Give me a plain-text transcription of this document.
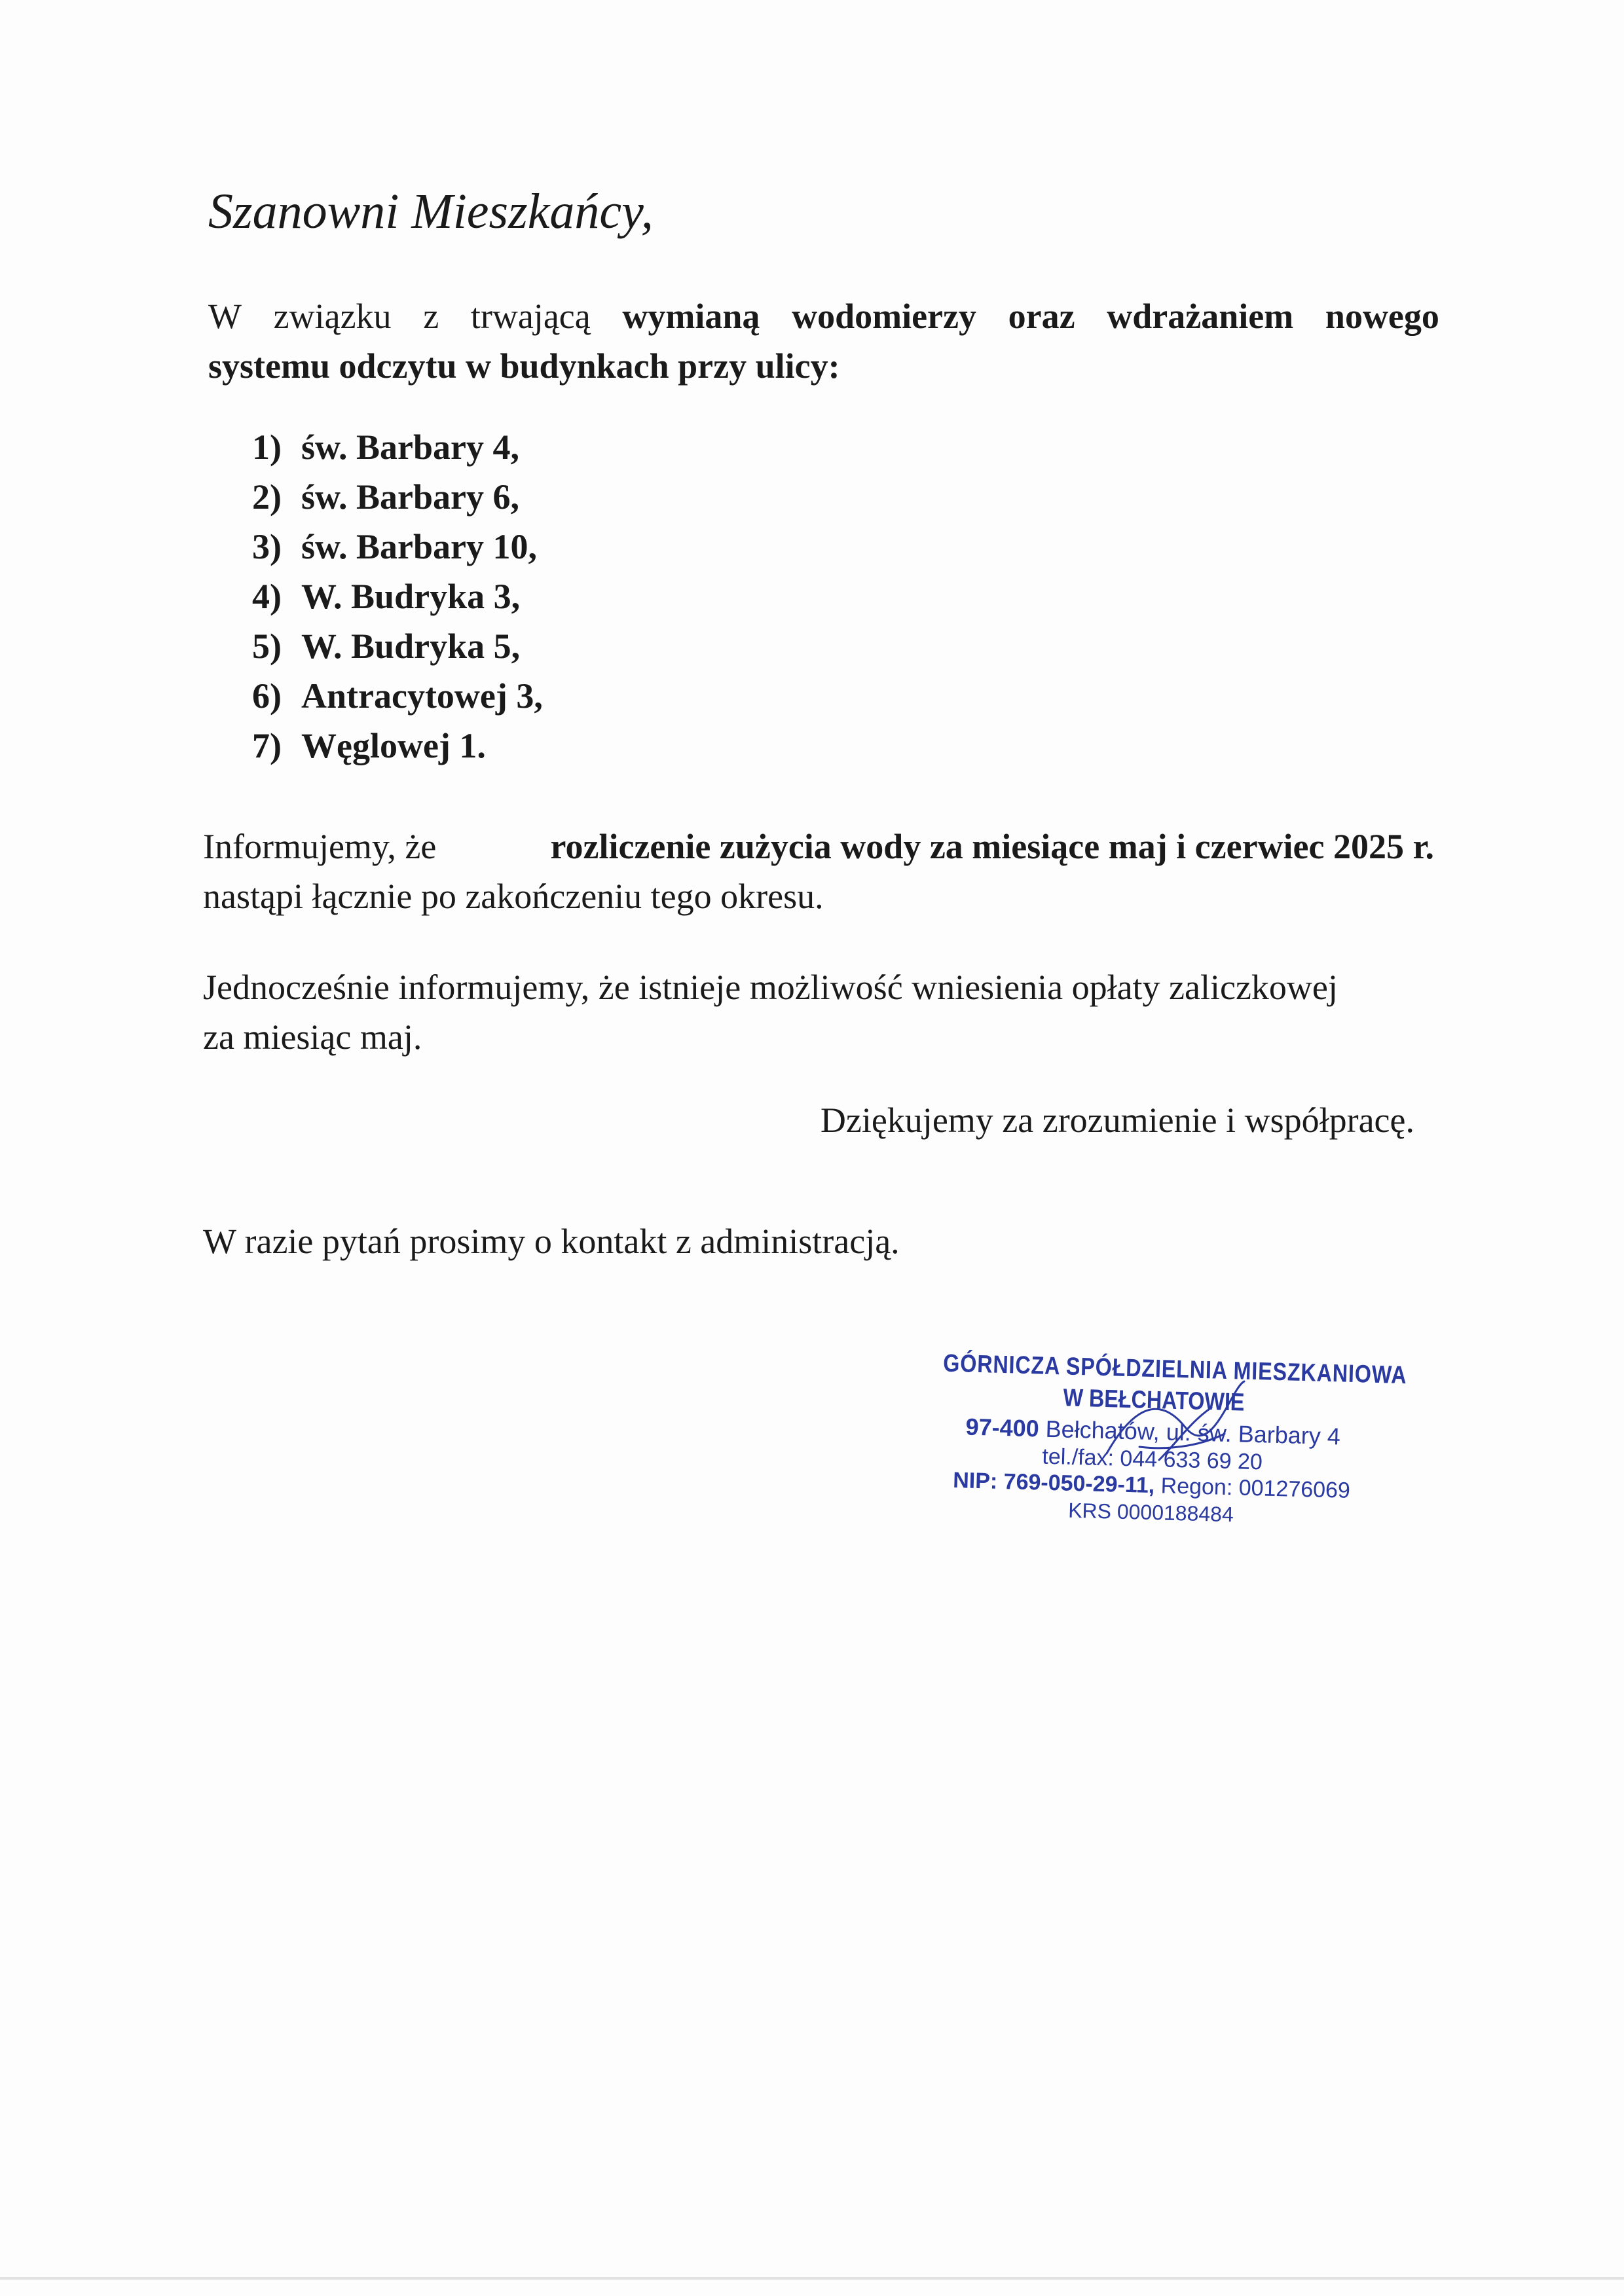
Szanowni Mieszkańcy,
W związku z trwającą wymianą wodomierzy oraz wdrażaniem nowego
systemu odczytu w budynkach przy ulicy:
1) św. Barbary 4,
2) św. Barbary 6,
3) św. Barbary 10,
4) W. Budryka 3,
5) W. Budryka 5,
6) Antracytowej 3,
7) Węglowej 1.
Informujemy, że	rozliczenie zużycia wody za miesiące maj i czerwiec 2025 r.
nastąpi łącznie po zakończeniu tego okresu.
Jednocześnie informujemy, że istnieje możliwość wniesienia opłaty zaliczkowej
za miesiąc maj.
Dziękujemy za zrozumienie i współpracę.
W razie pytań prosimy o kontakt z administracją.
GÓRNICZA SPÓŁDZIELNIA MIESZKANIOWA
W BEŁCHATOWIE
97-400 Bełchatów, ul. św. Barbary 4
tel./fax: 044 633 69 20
NIP: 769-050-29-11, Regon: 001276069
KRS 0000188484
